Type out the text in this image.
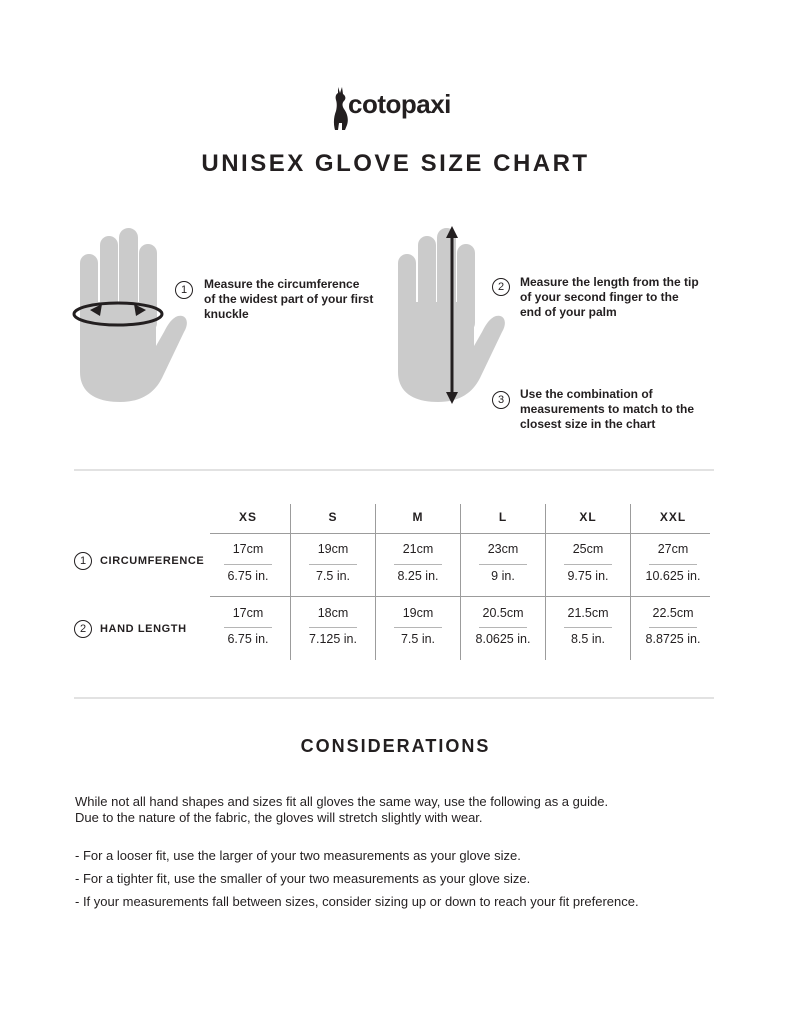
cotopaxi
UNISEX GLOVE SIZE CHART
1	Measure the circumference of the widest part of your first knuckle
2	Measure the length from the tip of your second finger to the end of your palm
3	Use the combination of measurements to match to the closest size in the chart
XS	S	M	L	XL	XXL
1	CIRCUMFERENCE
17cm	19cm	21cm	23cm	25cm	27cm
6.75 in.	7.5 in.	8.25 in.	9 in.	9.75 in.	10.625 in.
2	HAND LENGTH
17cm	18cm	19cm	20.5cm	21.5cm	22.5cm
6.75 in.	7.125 in.	7.5 in.	8.0625 in.	8.5 in.	8.8725 in.
CONSIDERATIONS
While not all hand shapes and sizes fit all gloves the same way, use the following as a guide.
Due to the nature of the fabric, the gloves will stretch slightly with wear.
- For a looser fit, use the larger of your two measurements as your glove size.
- For a tighter fit, use the smaller of your two measurements as your glove size.
- If your measurements fall between sizes, consider sizing up or down to reach your fit preference.
